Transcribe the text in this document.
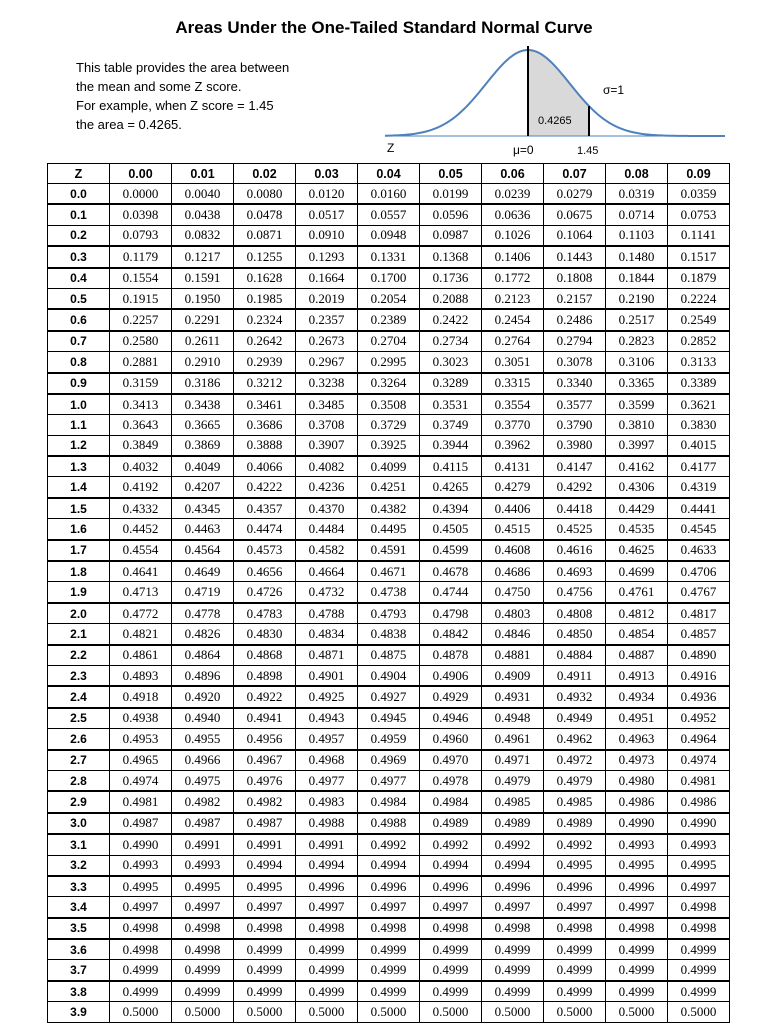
Areas Under the One-Tailed Standard Normal Curve
This table provides the area between
the mean and some Z score.
For example, when Z score = 1.45
the area = 0.4265.
σ=1
0.4265
Z	μ=0	1.45
Z	0.00	0.01	0.02	0.03	0.04	0.05	0.06	0.07	0.08	0.09
0.0	0.0000	0.0040	0.0080	0.0120	0.0160	0.0199	0.0239	0.0279	0.0319	0.0359
0.1	0.0398	0.0438	0.0478	0.0517	0.0557	0.0596	0.0636	0.0675	0.0714	0.0753
0.2	0.0793	0.0832	0.0871	0.0910	0.0948	0.0987	0.1026	0.1064	0.1103	0.1141
0.3	0.1179	0.1217	0.1255	0.1293	0.1331	0.1368	0.1406	0.1443	0.1480	0.1517
0.4	0.1554	0.1591	0.1628	0.1664	0.1700	0.1736	0.1772	0.1808	0.1844	0.1879
0.5	0.1915	0.1950	0.1985	0.2019	0.2054	0.2088	0.2123	0.2157	0.2190	0.2224
0.6	0.2257	0.2291	0.2324	0.2357	0.2389	0.2422	0.2454	0.2486	0.2517	0.2549
0.7	0.2580	0.2611	0.2642	0.2673	0.2704	0.2734	0.2764	0.2794	0.2823	0.2852
0.8	0.2881	0.2910	0.2939	0.2967	0.2995	0.3023	0.3051	0.3078	0.3106	0.3133
0.9	0.3159	0.3186	0.3212	0.3238	0.3264	0.3289	0.3315	0.3340	0.3365	0.3389
1.0	0.3413	0.3438	0.3461	0.3485	0.3508	0.3531	0.3554	0.3577	0.3599	0.3621
1.1	0.3643	0.3665	0.3686	0.3708	0.3729	0.3749	0.3770	0.3790	0.3810	0.3830
1.2	0.3849	0.3869	0.3888	0.3907	0.3925	0.3944	0.3962	0.3980	0.3997	0.4015
1.3	0.4032	0.4049	0.4066	0.4082	0.4099	0.4115	0.4131	0.4147	0.4162	0.4177
1.4	0.4192	0.4207	0.4222	0.4236	0.4251	0.4265	0.4279	0.4292	0.4306	0.4319
1.5	0.4332	0.4345	0.4357	0.4370	0.4382	0.4394	0.4406	0.4418	0.4429	0.4441
1.6	0.4452	0.4463	0.4474	0.4484	0.4495	0.4505	0.4515	0.4525	0.4535	0.4545
1.7	0.4554	0.4564	0.4573	0.4582	0.4591	0.4599	0.4608	0.4616	0.4625	0.4633
1.8	0.4641	0.4649	0.4656	0.4664	0.4671	0.4678	0.4686	0.4693	0.4699	0.4706
1.9	0.4713	0.4719	0.4726	0.4732	0.4738	0.4744	0.4750	0.4756	0.4761	0.4767
2.0	0.4772	0.4778	0.4783	0.4788	0.4793	0.4798	0.4803	0.4808	0.4812	0.4817
2.1	0.4821	0.4826	0.4830	0.4834	0.4838	0.4842	0.4846	0.4850	0.4854	0.4857
2.2	0.4861	0.4864	0.4868	0.4871	0.4875	0.4878	0.4881	0.4884	0.4887	0.4890
2.3	0.4893	0.4896	0.4898	0.4901	0.4904	0.4906	0.4909	0.4911	0.4913	0.4916
2.4	0.4918	0.4920	0.4922	0.4925	0.4927	0.4929	0.4931	0.4932	0.4934	0.4936
2.5	0.4938	0.4940	0.4941	0.4943	0.4945	0.4946	0.4948	0.4949	0.4951	0.4952
2.6	0.4953	0.4955	0.4956	0.4957	0.4959	0.4960	0.4961	0.4962	0.4963	0.4964
2.7	0.4965	0.4966	0.4967	0.4968	0.4969	0.4970	0.4971	0.4972	0.4973	0.4974
2.8	0.4974	0.4975	0.4976	0.4977	0.4977	0.4978	0.4979	0.4979	0.4980	0.4981
2.9	0.4981	0.4982	0.4982	0.4983	0.4984	0.4984	0.4985	0.4985	0.4986	0.4986
3.0	0.4987	0.4987	0.4987	0.4988	0.4988	0.4989	0.4989	0.4989	0.4990	0.4990
3.1	0.4990	0.4991	0.4991	0.4991	0.4992	0.4992	0.4992	0.4992	0.4993	0.4993
3.2	0.4993	0.4993	0.4994	0.4994	0.4994	0.4994	0.4994	0.4995	0.4995	0.4995
3.3	0.4995	0.4995	0.4995	0.4996	0.4996	0.4996	0.4996	0.4996	0.4996	0.4997
3.4	0.4997	0.4997	0.4997	0.4997	0.4997	0.4997	0.4997	0.4997	0.4997	0.4998
3.5	0.4998	0.4998	0.4998	0.4998	0.4998	0.4998	0.4998	0.4998	0.4998	0.4998
3.6	0.4998	0.4998	0.4999	0.4999	0.4999	0.4999	0.4999	0.4999	0.4999	0.4999
3.7	0.4999	0.4999	0.4999	0.4999	0.4999	0.4999	0.4999	0.4999	0.4999	0.4999
3.8	0.4999	0.4999	0.4999	0.4999	0.4999	0.4999	0.4999	0.4999	0.4999	0.4999
3.9	0.5000	0.5000	0.5000	0.5000	0.5000	0.5000	0.5000	0.5000	0.5000	0.5000
